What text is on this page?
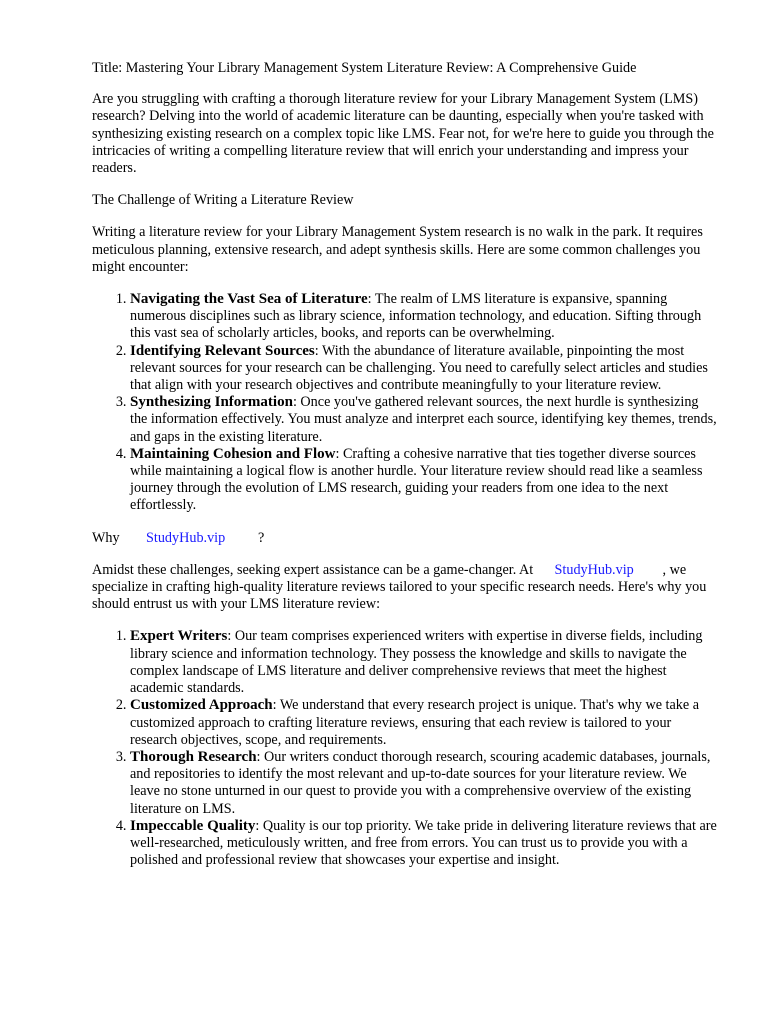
Title: Mastering Your Library Management System Literature Review: A Comprehensive Guide

Are you struggling with crafting a thorough literature review for your Library Management System (LMS) research? Delving into the world of academic literature can be daunting, especially when you're tasked with synthesizing existing research on a complex topic like LMS. Fear not, for we're here to guide you through the intricacies of writing a compelling literature review that will enrich your understanding and impress your readers.

The Challenge of Writing a Literature Review

Writing a literature review for your Library Management System research is no walk in the park. It requires meticulous planning, extensive research, and adept synthesis skills. Here are some common challenges you might encounter:

1. Navigating the Vast Sea of Literature: The realm of LMS literature is expansive, spanning numerous disciplines such as library science, information technology, and education. Sifting through this vast sea of scholarly articles, books, and reports can be overwhelming.
2. Identifying Relevant Sources: With the abundance of literature available, pinpointing the most relevant sources for your research can be challenging. You need to carefully select articles and studies that align with your research objectives and contribute meaningfully to your literature review.
3. Synthesizing Information: Once you've gathered relevant sources, the next hurdle is synthesizing the information effectively. You must analyze and interpret each source, identifying key themes, trends, and gaps in the existing literature.
4. Maintaining Cohesion and Flow: Crafting a cohesive narrative that ties together diverse sources while maintaining a logical flow is another hurdle. Your literature review should read like a seamless journey through the evolution of LMS research, guiding your readers from one idea to the next effortlessly.

Why StudyHub.vip ?

Amidst these challenges, seeking expert assistance can be a game-changer. At StudyHub.vip , we specialize in crafting high-quality literature reviews tailored to your specific research needs. Here's why you should entrust us with your LMS literature review:

1. Expert Writers: Our team comprises experienced writers with expertise in diverse fields, including library science and information technology. They possess the knowledge and skills to navigate the complex landscape of LMS literature and deliver comprehensive reviews that meet the highest academic standards.
2. Customized Approach: We understand that every research project is unique. That's why we take a customized approach to crafting literature reviews, ensuring that each review is tailored to your research objectives, scope, and requirements.
3. Thorough Research: Our writers conduct thorough research, scouring academic databases, journals, and repositories to identify the most relevant and up-to-date sources for your literature review. We leave no stone unturned in our quest to provide you with a comprehensive overview of the existing literature on LMS.
4. Impeccable Quality: Quality is our top priority. We take pride in delivering literature reviews that are well-researched, meticulously written, and free from errors. You can trust us to provide you with a polished and professional review that showcases your expertise and insight.
